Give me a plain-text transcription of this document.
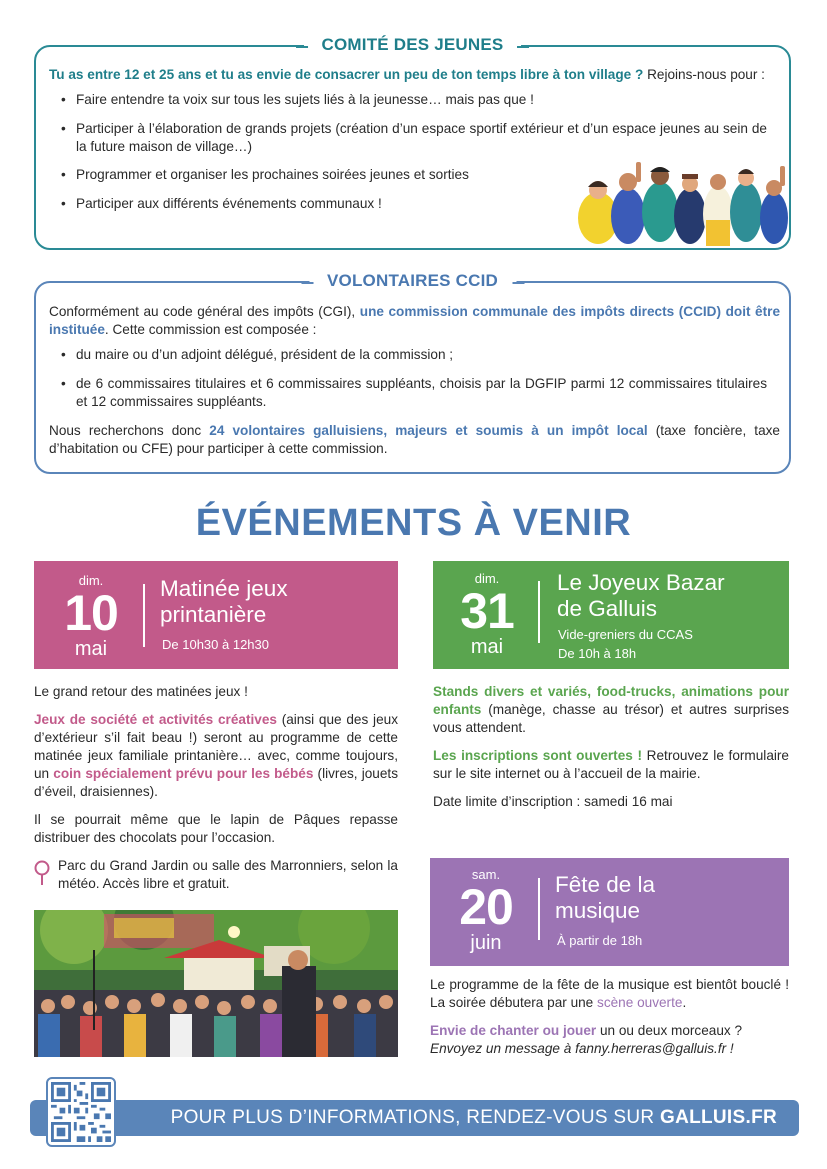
COMITÉ DES JEUNES

Tu as entre 12 et 25 ans et tu as envie de consacrer un peu de ton temps libre à ton village ? Rejoins-nous pour :

• Faire entendre ta voix sur tous les sujets liés à la jeunesse… mais pas que !
• Participer à l’élaboration de grands projets (création d’un espace sportif extérieur et d’un espace jeunes au sein de la future maison de village…)
• Programmer et organiser les prochaines soirées jeunes et sorties
• Participer aux différents événements communaux !
VOLONTAIRES CCID

Conformément au code général des impôts (CGI), une commission communale des impôts directs (CCID) doit être instituée. Cette commission est composée :

• du maire ou d’un adjoint délégué, président de la commission ;
• de 6 commissaires titulaires et 6 commissaires suppléants, choisis par la DGFIP parmi 12 commissaires titulaires et 12 commissaires suppléants.

Nous recherchons donc 24 volontaires galluisiens, majeurs et soumis à un impôt local (taxe foncière, taxe d’habitation ou CFE) pour participer à cette commission.

ÉVÉNEMENTS À VENIR
dim.
10
mai
Matinée jeux
printanière
De 10h30 à 12h30

Le grand retour des matinées jeux !

Jeux de société et activités créatives (ainsi que des jeux d’extérieur s’il fait beau !) seront au programme de cette matinée jeux familiale printanière… avec, comme toujours, un coin spécialement prévu pour les bébés (livres, jouets d’éveil, draisiennes).

Il se pourrait même que le lapin de Pâques repasse distribuer des chocolats pour l’occasion.

Parc du Grand Jardin ou salle des Marronniers, selon la météo. Accès libre et gratuit.

dim.
31
mai
Le Joyeux Bazar
de Galluis
Vide-greniers du CCAS
De 10h à 18h

Stands divers et variés, food-trucks, animations pour enfants (manège, chasse au trésor) et autres surprises vous attendent.

Les inscriptions sont ouvertes ! Retrouvez le formulaire sur le site internet ou à l’accueil de la mairie.

Date limite d’inscription : samedi 16 mai

sam.
20
juin
Fête de la
musique
À partir de 18h

Le programme de la fête de la musique est bientôt bouclé ! La soirée débutera par une scène ouverte.

Envie de chanter ou jouer un ou deux morceaux ?

Envoyez un message à fanny.herreras@galluis.fr !

POUR PLUS D’INFORMATIONS, RENDEZ-VOUS SUR GALLUIS.FR
